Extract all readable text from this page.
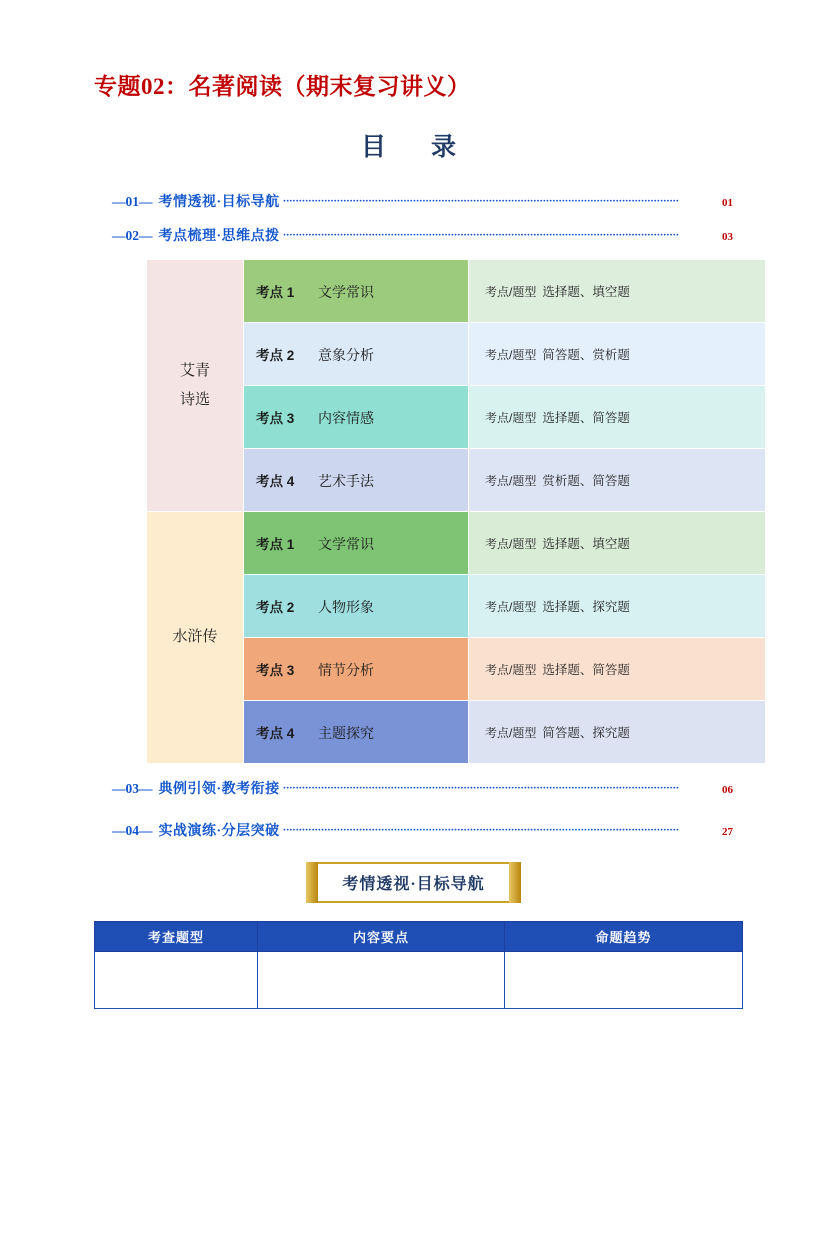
专题02：名著阅读（期末复习讲义）
目　录
—01— 考情透视·目标导航 ·····························································································································	01
—02— 考点梳理·思维点拨 ·····························································································································	03
艾青
诗选	考点 1 文学常识	考点/题型 选择题、填空题
	考点 2 意象分析	考点/题型 简答题、赏析题
	考点 3 内容情感	考点/题型 选择题、简答题
	考点 4 艺术手法	考点/题型 赏析题、简答题
水浒传	考点 1 文学常识	考点/题型 选择题、填空题
	考点 2 人物形象	考点/题型 选择题、探究题
	考点 3 情节分析	考点/题型 选择题、简答题
	考点 4 主题探究	考点/题型 简答题、探究题
—03— 典例引领·教考衔接 ·····························································································································	06
—04— 实战演练·分层突破 ·····························································································································	27
考情透视·目标导航
考查题型	内容要点	命题趋势
